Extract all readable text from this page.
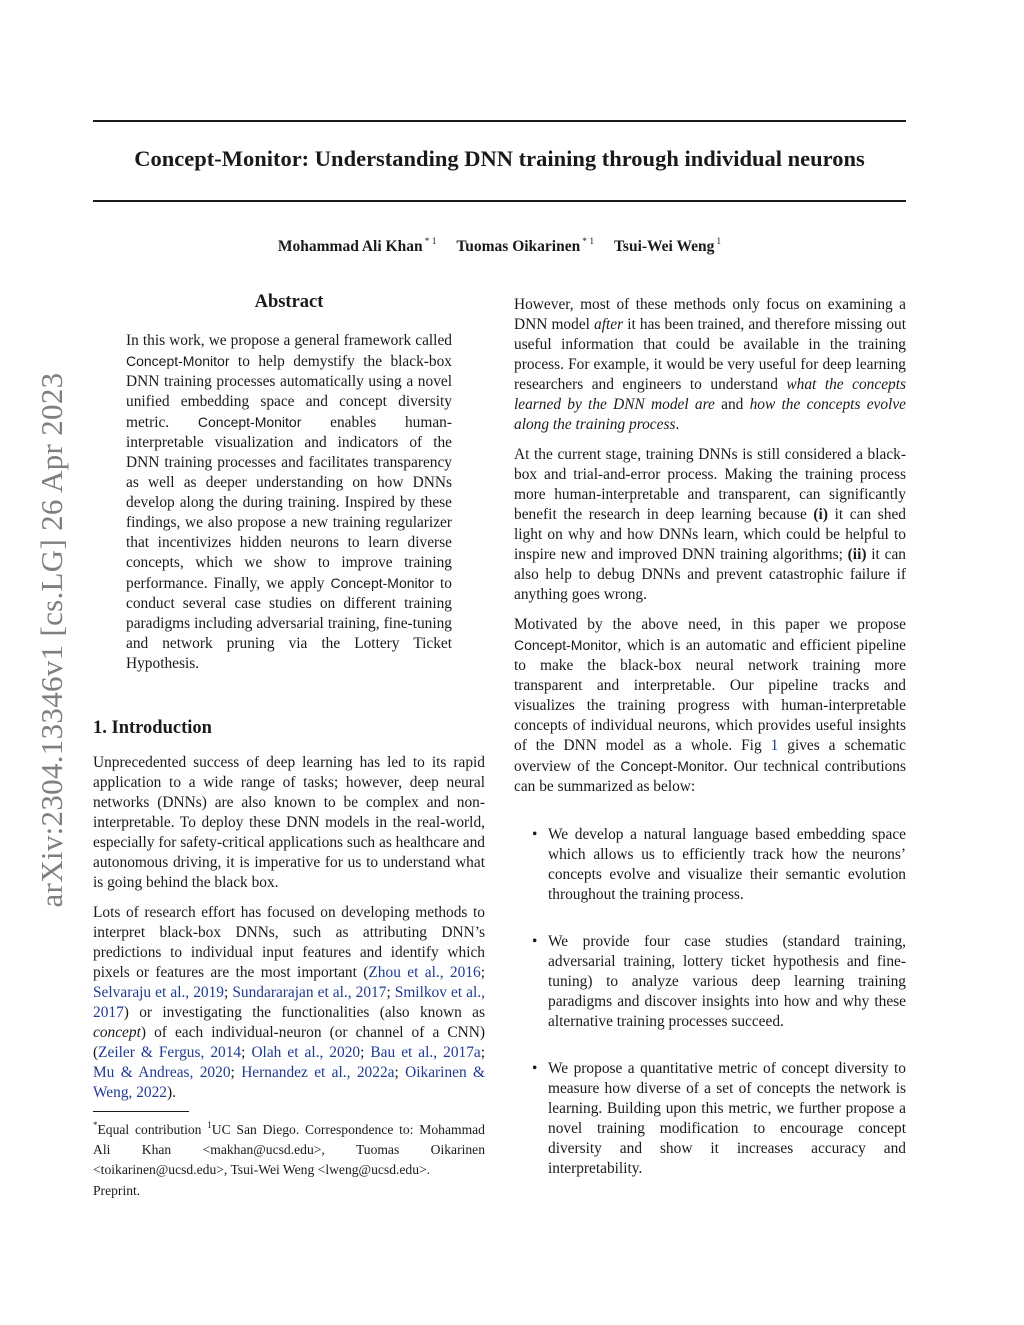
arXiv:2304.13346v1 [cs.LG] 26 Apr 2023
Concept-Monitor: Understanding DNN training through individual neurons
Mohammad Ali Khan $^{* 1}$ Tuomas Oikarinen $^{* 1}$ Tsui-Wei Weng $^1$
Abstract

In this work, we propose a general framework called Concept-Monitor to help demystify the black-box DNN training processes automatically using a novel unified embedding space and concept diversity metric. Concept-Monitor enables human-interpretable visualization and indicators of the DNN training processes and facilitates transparency as well as deeper understanding on how DNNs develop along the during training. Inspired by these findings, we also propose a new training regularizer that incentivizes hidden neurons to learn diverse concepts, which we show to improve training performance. Finally, we apply Concept-Monitor to conduct several case studies on different training paradigms including adversarial training, fine-tuning and network pruning via the Lottery Ticket Hypothesis.

1. Introduction

Unprecedented success of deep learning has led to its rapid application to a wide range of tasks; however, deep neural networks (DNNs) are also known to be complex and non-interpretable. To deploy these DNN models in the real-world, especially for safety-critical applications such as healthcare and autonomous driving, it is imperative for us to understand what is going behind the black box.

Lots of research effort has focused on developing methods to interpret black-box DNNs, such as attributing DNN’s predictions to individual input features and identify which pixels or features are the most important (Zhou et al., 2016; Selvaraju et al., 2019; Sundararajan et al., 2017; Smilkov et al., 2017) or investigating the functionalities (also known as concept) of each individual-neuron (or channel of a CNN) (Zeiler & Fergus, 2014; Olah et al., 2020; Bau et al., 2017a; Mu & Andreas, 2020; Hernandez et al., 2022a; Oikarinen & Weng, 2022).

*Equal contribution $^1$UC San Diego. Correspondence to: Mohammad Ali Khan <makhan@ucsd.edu>, Tuomas Oikarinen <toikarinen@ucsd.edu>, Tsui-Wei Weng <lweng@ucsd.edu>.
Preprint.

However, most of these methods only focus on examining a DNN model after it has been trained, and therefore missing out useful information that could be available in the training process. For example, it would be very useful for deep learning researchers and engineers to understand what the concepts learned by the DNN model are and how the concepts evolve along the training process.

At the current stage, training DNNs is still considered a black-box and trial-and-error process. Making the training process more human-interpretable and transparent, can significantly benefit the research in deep learning because (i) it can shed light on why and how DNNs learn, which could be helpful to inspire new and improved DNN training algorithms; (ii) it can also help to debug DNNs and prevent catastrophic failure if anything goes wrong.

Motivated by the above need, in this paper we propose Concept-Monitor, which is an automatic and efficient pipeline to make the black-box neural network training more transparent and interpretable. Our pipeline tracks and visualizes the training progress with human-interpretable concepts of individual neurons, which provides useful insights of the DNN model as a whole. Fig 1 gives a schematic overview of the Concept-Monitor. Our technical contributions can be summarized as below:

• We develop a natural language based embedding space which allows us to efficiently track how the neurons’ concepts evolve and visualize their semantic evolution throughout the training process.
• We provide four case studies (standard training, adversarial training, lottery ticket hypothesis and fine-tuning) to analyze various deep learning training paradigms and discover insights into how and why these alternative training processes succeed.
• We propose a quantitative metric of concept diversity to measure how diverse of a set of concepts the network is learning. Building upon this metric, we further propose a novel training modification to encourage concept diversity and show it increases accuracy and interpretability.
